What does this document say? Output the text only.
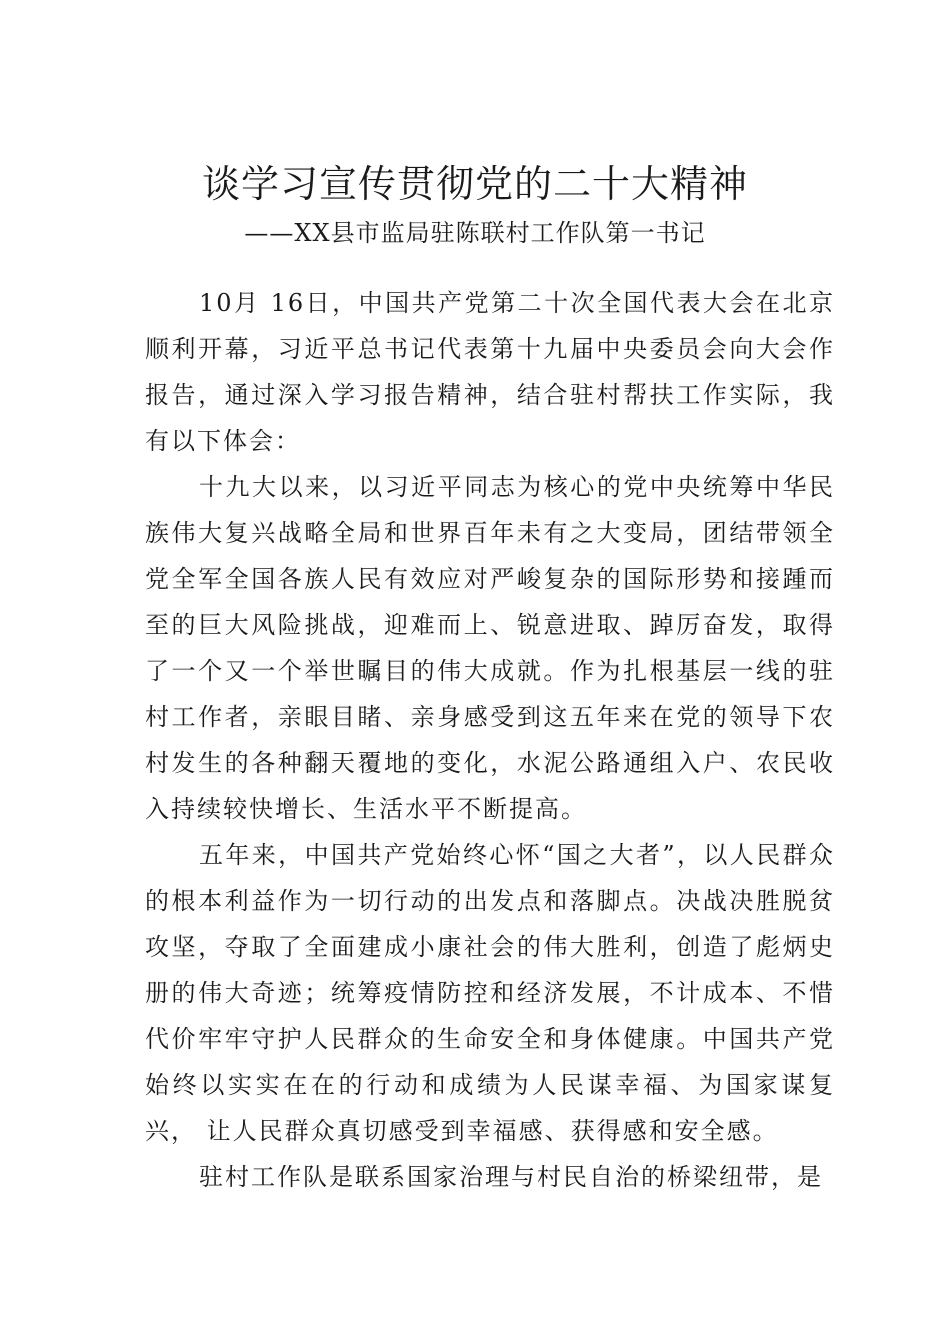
谈学习宣传贯彻党的二十大精神
——XX县市监局驻陈联村工作队第一书记

10月 16日，中国共产党第二十次全国代表大会在北京顺利开幕，习近平总书记代表第十九届中央委员会向大会作报告，通过深入学习报告精神，结合驻村帮扶工作实际，我有以下体会：

十九大以来，以习近平同志为核心的党中央统筹中华民族伟大复兴战略全局和世界百年未有之大变局，团结带领全党全军全国各族人民有效应对严峻复杂的国际形势和接踵而至的巨大风险挑战，迎难而上、锐意进取、踔厉奋发，取得了一个又一个举世瞩目的伟大成就。作为扎根基层一线的驻村工作者，亲眼目睹、亲身感受到这五年来在党的领导下农村发生的各种翻天覆地的变化，水泥公路通组入户、农民收入持续较快增长、生活水平不断提高。

五年来，中国共产党始终心怀“国之大者”，以人民群众 的根本利益作为一切行动的出发点和落脚点。决战决胜脱贫 攻坚，夺取了全面建成小康社会的伟大胜利，创造了彪炳史 册的伟大奇迹；统筹疫情防控和经济发展，不计成本、不惜 代价牢牢守护人民群众的生命安全和身体健康。中国共产党 始终以实实在在的行动和成绩为人民谋幸福、为国家谋复兴， 让人民群众真切感受到幸福感、获得感和安全感。

驻村工作队是联系国家治理与村民自治的桥梁纽带，是
